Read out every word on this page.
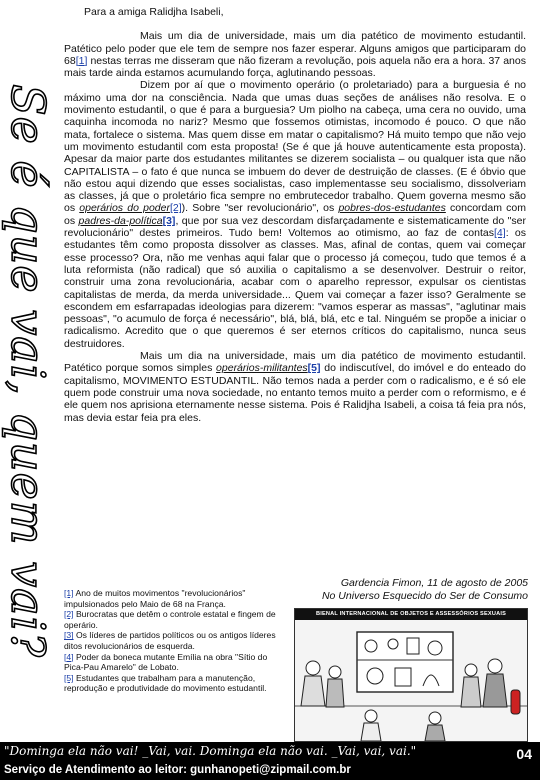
Se é que vai, quem vai?

Para a amiga Ralidjha Isabeli,

Mais um dia de universidade, mais um dia patético de movimento estudantil. Patético pelo poder que ele tem de sempre nos fazer esperar. Alguns amigos que participaram do 68[1] nestas terras me disseram que não fizeram a revolução, pois aquela não era a hora. 37 anos mais tarde ainda estamos acumulando força, aglutinando pessoas.

Dizem por aí que o movimento operário (o proletariado) para a burguesia é no máximo uma dor na consciência. Nada que umas duas seções de análises não resolva. E o movimento estudantil, o que é para a burguesia? Um piolho na cabeça, uma cera no ouvido, uma caquinha incomoda no nariz? Mesmo que fossemos otimistas, incomodo é pouco. O que não mata, fortalece o sistema. Mas quem disse em matar o capitalismo? Há muito tempo que não vejo um movimento estudantil com esta proposta! (Se é que já houve autenticamente esta proposta). Apesar da maior parte dos estudantes militantes se dizerem socialista – ou qualquer ista que não CAPITALISTA – o fato é que nunca se imbuem do dever de destruição de classes. (E é óbvio que não estou aqui dizendo que esses socialistas, caso implementasse seu socialismo, dissolveriam as classes, já que o proletário fica sempre no embrutecedor trabalho. Quem governa mesmo são os operários do poder[2]). Sobre "ser revolucionário", os pobres-dos-estudantes concordam com os padres-da-política[3], que por sua vez descordam disfarçadamente e sistematicamente do "ser revolucionário" destes primeiros. Tudo bem! Voltemos ao otimismo, ao faz de contas[4]: os estudantes têm como proposta dissolver as classes. Mas, afinal de contas, quem vai começar esse processo? Ora, não me venhas aqui falar que o processo já começou, tudo que temos é a luta reformista (não radical) que só auxilia o capitalismo a se desenvolver. Destruir o reitor, construir uma zona revolucionária, acabar com o aparelho repressor, expulsar os cientistas capitalistas de merda, da merda universidade... Quem vai começar a fazer isso? Geralmente se escondem em esfarrapadas ideologias para dizerem: "vamos esperar as massas", "aglutinar mais pessoas", "o acumulo de força é necessário", blá, blá, blá, etc e tal. Ninguém se propõe a iniciar o radicalismo. Acredito que o que queremos é ser eternos críticos do capitalismo, nunca seus destruidores.

Mais um dia na universidade, mais um dia patético de movimento estudantil. Patético porque somos simples operários-militantes[5] do indiscutível, do imóvel e do enteado do capitalismo, MOVIMENTO ESTUDANTIL. Não temos nada a perder com o radicalismo, e é só ele quem pode construir uma nova sociedade, no entanto temos muito a perder com o reformismo, e é ele quem nos aprisiona eternamente nesse sistema. Pois é Ralidjha Isabeli, a coisa tá feia pra nós, mas devia estar feia pra eles.

Gardencia Fimon, 11 de agosto de 2005
No Universo Esquecido do Ser de Consumo
[1] Ano de muitos movimentos "revolucionários" impulsionados pelo Maio de 68 na França.
[2] Burocratas que detêm o controle estatal e fingem de operário.
[3] Os líderes de partidos políticos ou os antigos líderes ditos revolucionários de esquerda.
[4] Poder da boneca mutante Emília na obra "Sítio do Pica-Pau Amarelo" de Lobato.
[5] Estudantes que trabalham para a manutenção, reprodução e produtividade do movimento estudantil.
BIENAL INTERNACIONAL DE OBJETOS E ASSESSÓRIOS SEXUAIS
"Dominga ela não vai! _Vai, vai. Dominga ela não vai. _Vai, vai, vai."	04
Serviço de Atendimento ao leitor: gunhanopeti@zipmail.com.br
